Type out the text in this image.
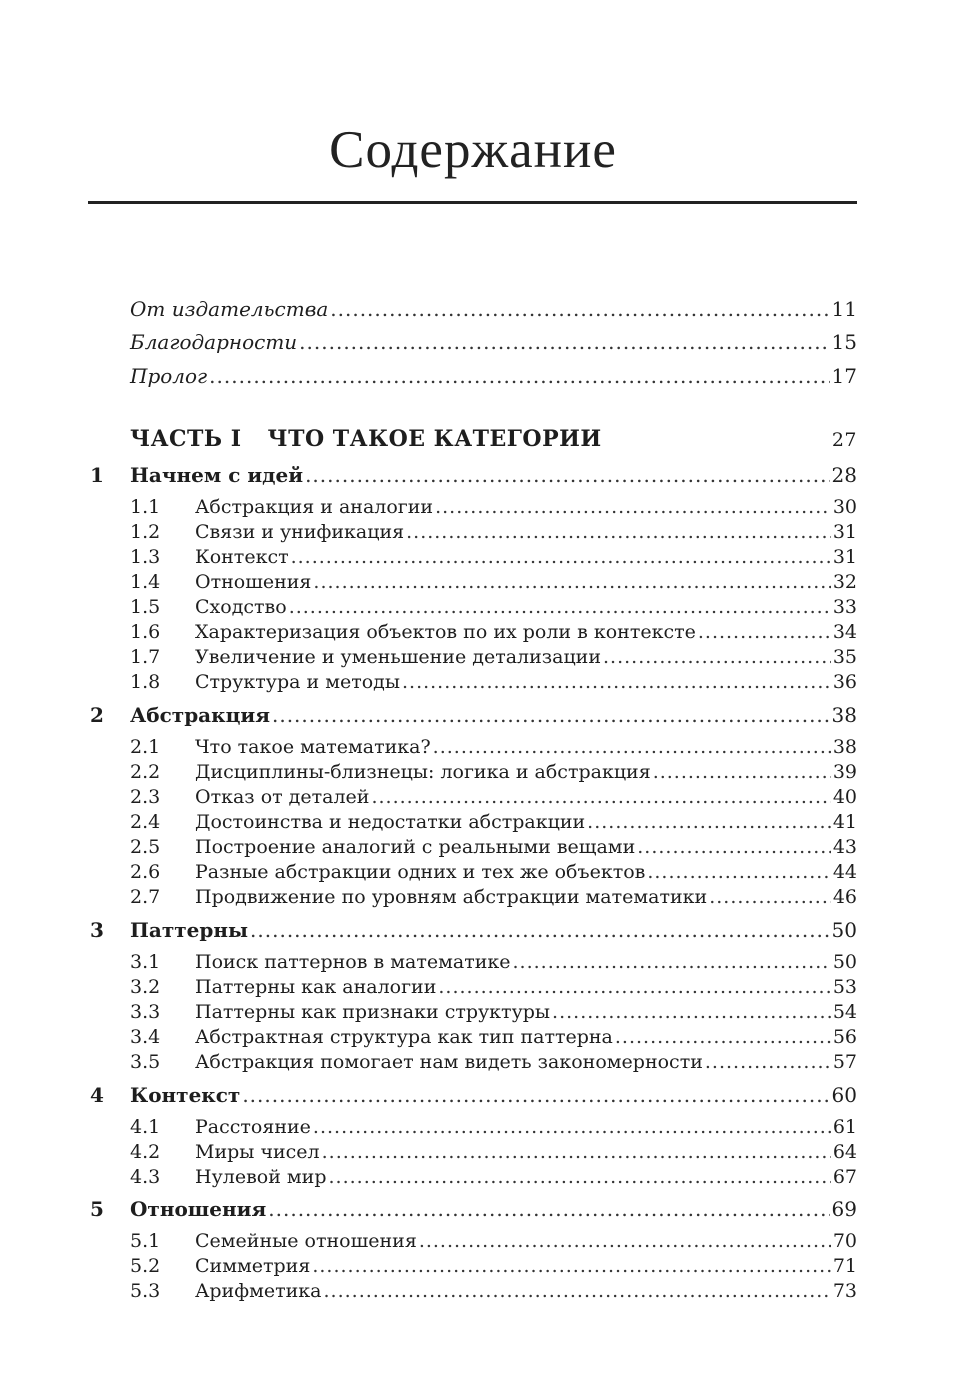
Содержание
От издательства .....	11
Благодарности .....	15
Пролог .....	17
ЧАСТЬ I ЧТО ТАКОЕ КАТЕГОРИИ	27
1	Начнем с идей .....	28
1.1	Абстракция и аналогии .....	30
1.2	Связи и унификация .....	31
1.3	Контекст .....	31
1.4	Отношения .....	32
1.5	Сходство .....	33
1.6	Характеризация объектов по их роли в контексте .....	34
1.7	Увеличение и уменьшение детализации .....	35
1.8	Структура и методы .....	36
2	Абстракция .....	38
2.1	Что такое математика? .....	38
2.2	Дисциплины-близнецы: логика и абстракция .....	39
2.3	Отказ от деталей .....	40
2.4	Достоинства и недостатки абстракции .....	41
2.5	Построение аналогий с реальными вещами .....	43
2.6	Разные абстракции одних и тех же объектов .....	44
2.7	Продвижение по уровням абстракции математики .....	46
3	Паттерны .....	50
3.1	Поиск паттернов в математике .....	50
3.2	Паттерны как аналогии .....	53
3.3	Паттерны как признаки структуры .....	54
3.4	Абстрактная структура как тип паттерна .....	56
3.5	Абстракция помогает нам видеть закономерности .....	57
4	Контекст .....	60
4.1	Расстояние .....	61
4.2	Миры чисел .....	64
4.3	Нулевой мир .....	67
5	Отношения .....	69
5.1	Семейные отношения .....	70
5.2	Симметрия .....	71
5.3	Арифметика .....	73
